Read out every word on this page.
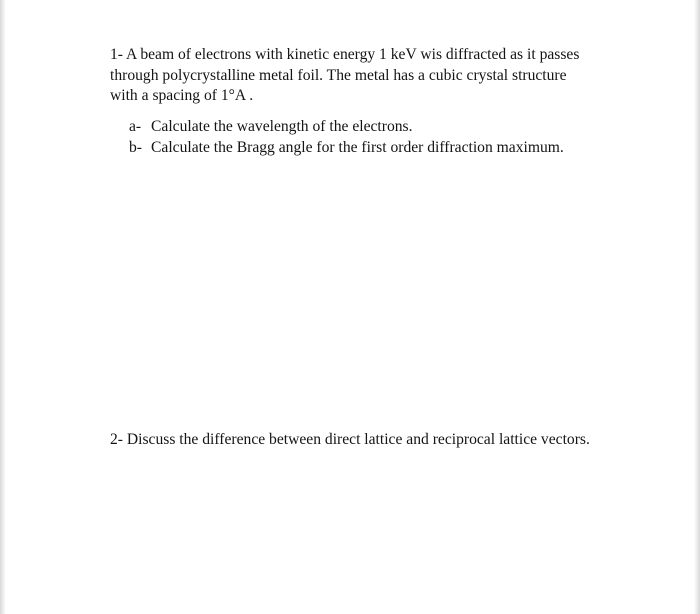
1- A beam of electrons with kinetic energy 1 keV wis diffracted as it passes through polycrystalline metal foil. The metal has a cubic crystal structure with a spacing of 1°A .

a- Calculate the wavelength of the electrons.
b- Calculate the Bragg angle for the first order diffraction maximum.

2- Discuss the difference between direct lattice and reciprocal lattice vectors.
